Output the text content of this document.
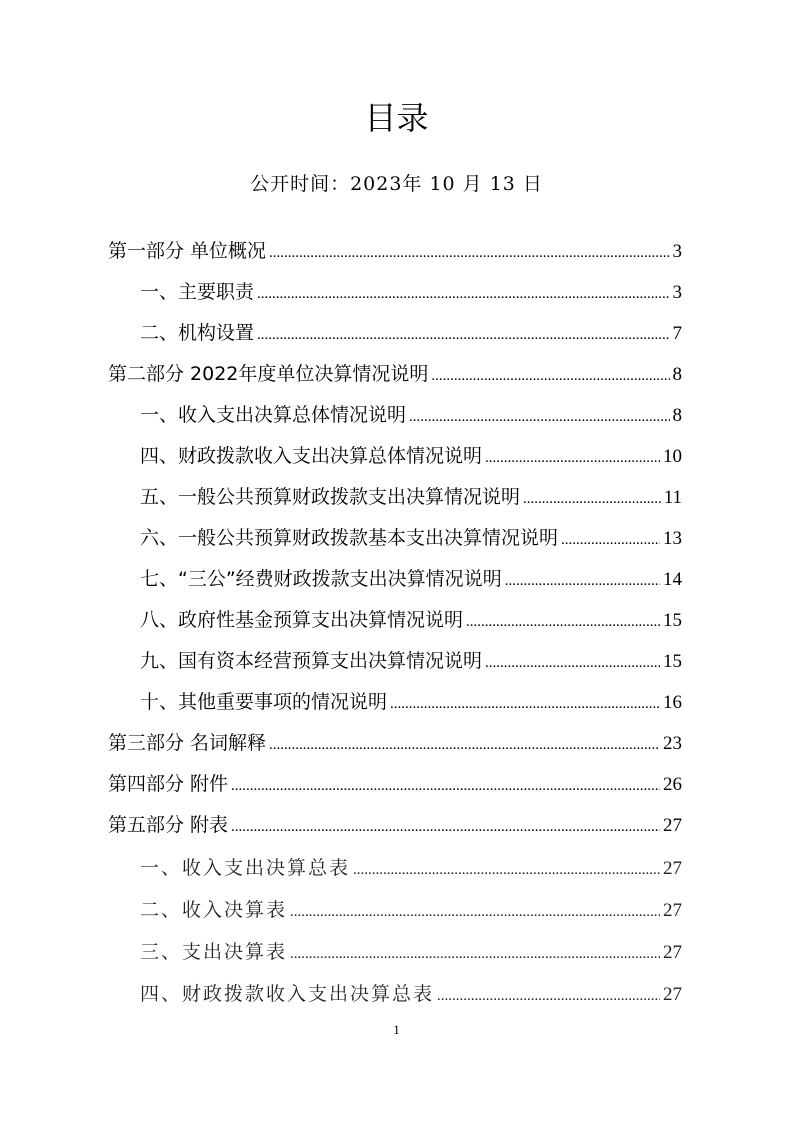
目录
公开时间：2023年 10 月 13 日
第一部分 单位概况 .....	3
一、主要职责 .....	3
二、机构设置 .....	7
第二部分 2022年度单位决算情况说明 .....	8
一、收入支出决算总体情况说明 .....	8
四、财政拨款收入支出决算总体情况说明 .....	10
五、一般公共预算财政拨款支出决算情况说明 .....	11
六、一般公共预算财政拨款基本支出决算情况说明 .....	13
七、“三公”经费财政拨款支出决算情况说明 .....	14
八、政府性基金预算支出决算情况说明 .....	15
九、国有资本经营预算支出决算情况说明 .....	15
十、其他重要事项的情况说明 .....	16
第三部分 名词解释 .....	23
第四部分 附件 .....	26
第五部分 附表 .....	27
一、收入支出决算总表 .....	27
二、收入决算表 .....	27
三、支出决算表 .....	27
四、财政拨款收入支出决算总表 .....	27
1
